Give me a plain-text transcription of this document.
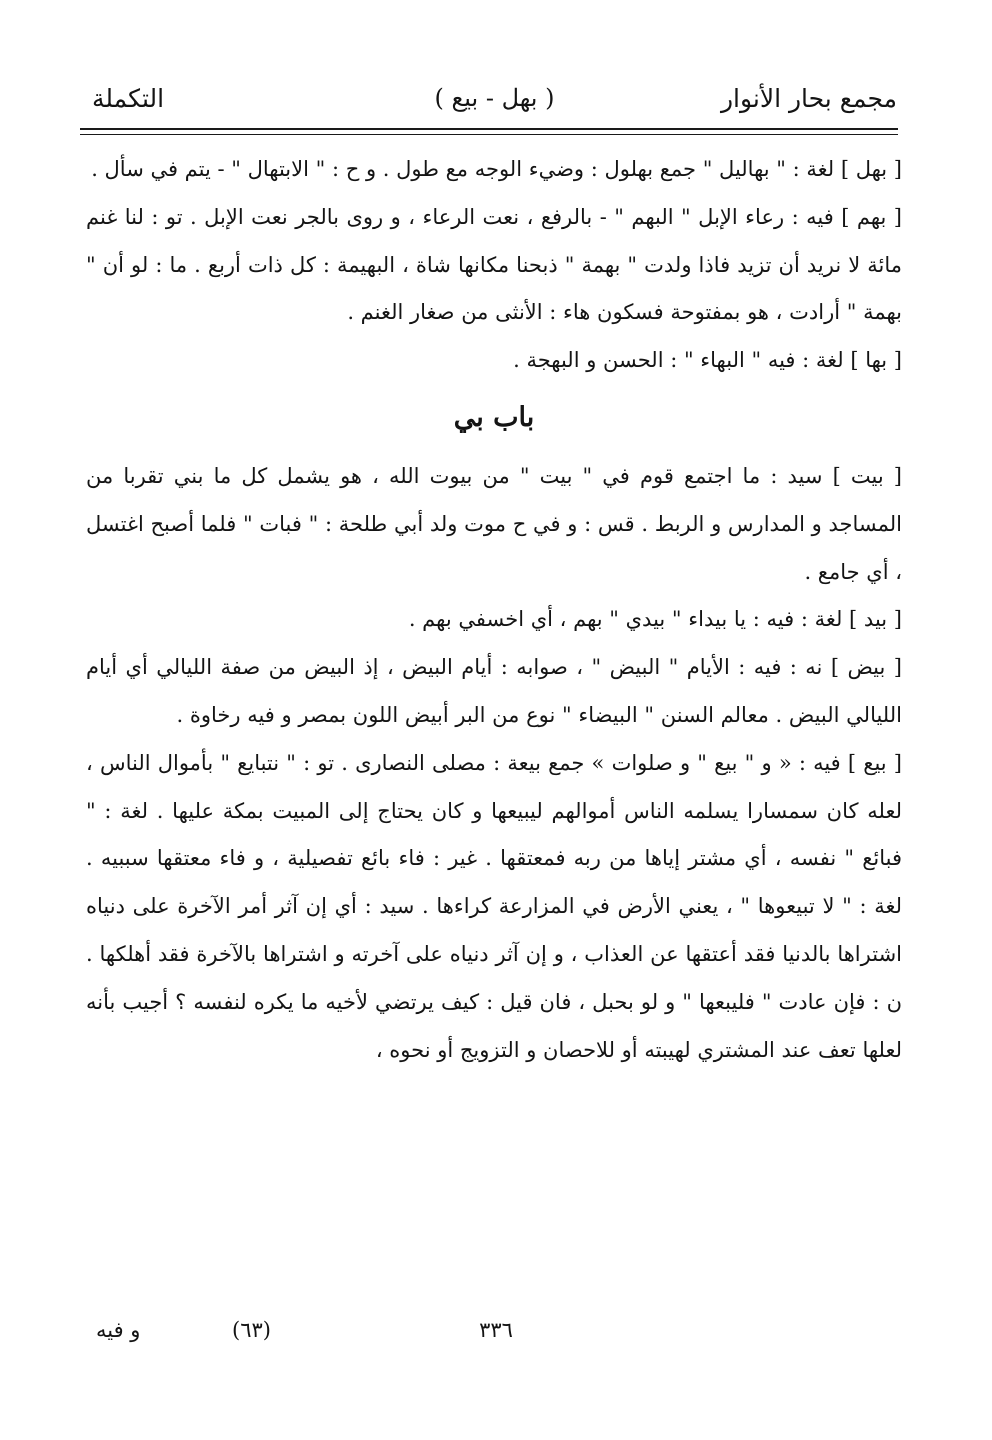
مجمع بحار الأنوار
( بهل - بيع )
التكملة

[ بهل ] لغة : " بهاليل " جمع بهلول : وضيء الوجه مع طول . و ح : " الابتهال " - يتم في سأل .

[ بهم ] فيه : رعاء الإبل " البهم " - بالرفع ، نعت الرعاء ، و روى بالجر نعت الإبل . تو : لنا غنم مائة لا نريد أن تزيد فاذا ولدت " بهمة " ذبحنا مكانها شاة ، البهيمة : كل ذات أربع . ما : لو أن " بهمة " أرادت ، هو بمفتوحة فسكون هاء : الأنثى من صغار الغنم .

[ بها ] لغة : فيه " البهاء " : الحسن و البهجة .

باب بي

[ بيت ] سيد : ما اجتمع قوم في " بيت " من بيوت الله ، هو يشمل كل ما بني تقربا من المساجد و المدارس و الربط . قس : و في ح موت ولد أبي طلحة : " فبات " فلما أصبح اغتسل ، أي جامع .

[ بيد ] لغة : فيه : يا بيداء " بيدي " بهم ، أي اخسفي بهم .

[ بيض ] نه : فيه : الأيام " البيض " ، صوابه : أيام البيض ، إذ البيض من صفة الليالي أي أيام الليالي البيض . معالم السنن " البيضاء " نوع من البر أبيض اللون بمصر و فيه رخاوة .

[ بيع ] فيه : « و " بيع " و صلوات » جمع بيعة : مصلى النصارى . تو : " نتبايع " بأموال الناس ، لعله كان سمسارا يسلمه الناس أموالهم ليبيعها و كان يحتاج إلى المبيت بمكة عليها . لغة : " فبائع " نفسه ، أي مشتر إياها من ربه فمعتقها . غير : فاء بائع تفصيلية ، و فاء معتقها سببيه . لغة : " لا تبيعوها " ، يعني الأرض في المزارعة كراءها . سيد : أي إن آثر أمر الآخرة على دنياه اشتراها بالدنيا فقد أعتقها عن العذاب ، و إن آثر دنياه على آخرته و اشتراها بالآخرة فقد أهلكها . ن : فإن عادت " فليبعها " و لو بحبل ، فان قيل : كيف يرتضي لأخيه ما يكره لنفسه ؟ أجيب بأنه لعلها تعف عند المشتري لهيبته أو للاحصان و التزويج أو نحوه ،

٣٣٦
(٦٣)
و فيه
